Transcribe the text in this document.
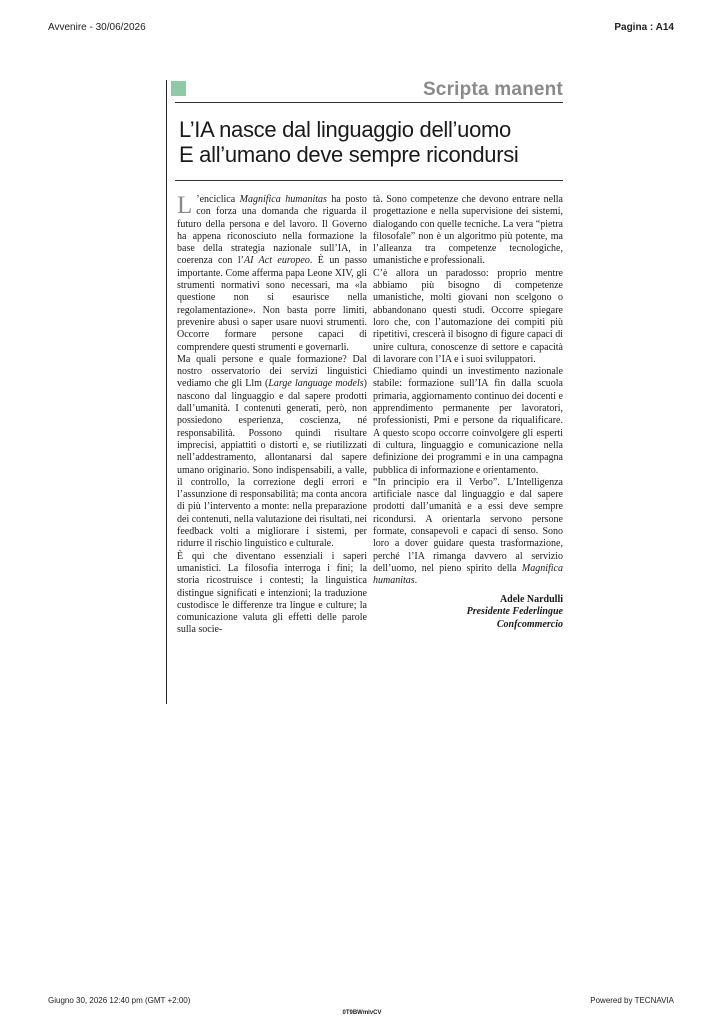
Avvenire - 30/06/2026	Pagina : A14
Scripta manent
L’IA nasce dal linguaggio dell’uomo
E all’umano deve sempre ricondursi
L ’enciclica Magnifica humanitas ha posto con forza una domanda che riguarda il futuro della persona e del lavoro. Il Governo ha appena riconosciuto nella formazione la base della strategia nazionale sull’IA, in coerenza con l’AI Act europeo. È un passo importante. Come afferma papa Leone XIV, gli strumenti normativi sono necessari, ma «la questione non si esaurisce nella regolamentazione». Non basta porre limiti, prevenire abusi o saper usare nuovi strumenti. Occorre formare persone capaci di comprendere questi strumenti e governarli.

Ma quali persone e quale formazione? Dal nostro osservatorio dei servizi linguistici vediamo che gli Llm (Large language models) nascono dal linguaggio e dal sapere prodotti dall’umanità. I contenuti generati, però, non possiedono esperienza, coscienza, né responsabilità. Possono quindi risultare imprecisi, appiattiti o distorti e, se riutilizzati nell’addestramento, allontanarsi dal sapere umano originario. Sono indispensabili, a valle, il controllo, la correzione degli errori e l’assunzione di responsabilità; ma conta ancora di più l’intervento a monte: nella preparazione dei contenuti, nella valutazione dei risultati, nei feedback volti a migliorare i sistemi, per ridurre il rischio linguistico e culturale.

È qui che diventano essenziali i saperi umanistici. La filosofia interroga i fini; la storia ricostruisce i contesti; la linguistica distingue significati e intenzioni; la traduzione custodisce le differenze tra lingue e culture; la comunicazione valuta gli effetti delle parole sulla socie-

tà. Sono competenze che devono entrare nella progettazione e nella supervisione dei sistemi, dialogando con quelle tecniche. La vera “pietra filosofale” non è un algoritmo più potente, ma l’alleanza tra competenze tecnologiche, umanistiche e professionali.

C’è allora un paradosso: proprio mentre abbiamo più bisogno di competenze umanistiche, molti giovani non scelgono o abbandonano questi studi. Occorre spiegare loro che, con l’automazione dei compiti più ripetitivi, crescerà il bisogno di figure capaci di unire cultura, conoscenze di settore e capacità di lavorare con l’IA e i suoi sviluppatori.

Chiediamo quindi un investimento nazionale stabile: formazione sull’IA fin dalla scuola primaria, aggiornamento continuo dei docenti e apprendimento permanente per lavoratori, professionisti, Pmi e persone da riqualificare. A questo scopo occorre coinvolgere gli esperti di cultura, linguaggio e comunicazione nella definizione dei programmi e in una campagna pubblica di informazione e orientamento.

“In principio era il Verbo”. L’Intelligenza artificiale nasce dal linguaggio e dal sapere prodotti dall’umanità e a essi deve sempre ricondursi. A orientarla servono persone formate, consapevoli e capaci di senso. Sono loro a dover guidare questa trasformazione, perché l’IA rimanga davvero al servizio dell’uomo, nel pieno spirito della Magnifica humanitas.

Adele Nardulli
Presidente Federlingue
Confcommercio
Giugno 30, 2026 12:40 pm (GMT +2:00)	Powered by TECNAVIA
0T9BWmlvCV
